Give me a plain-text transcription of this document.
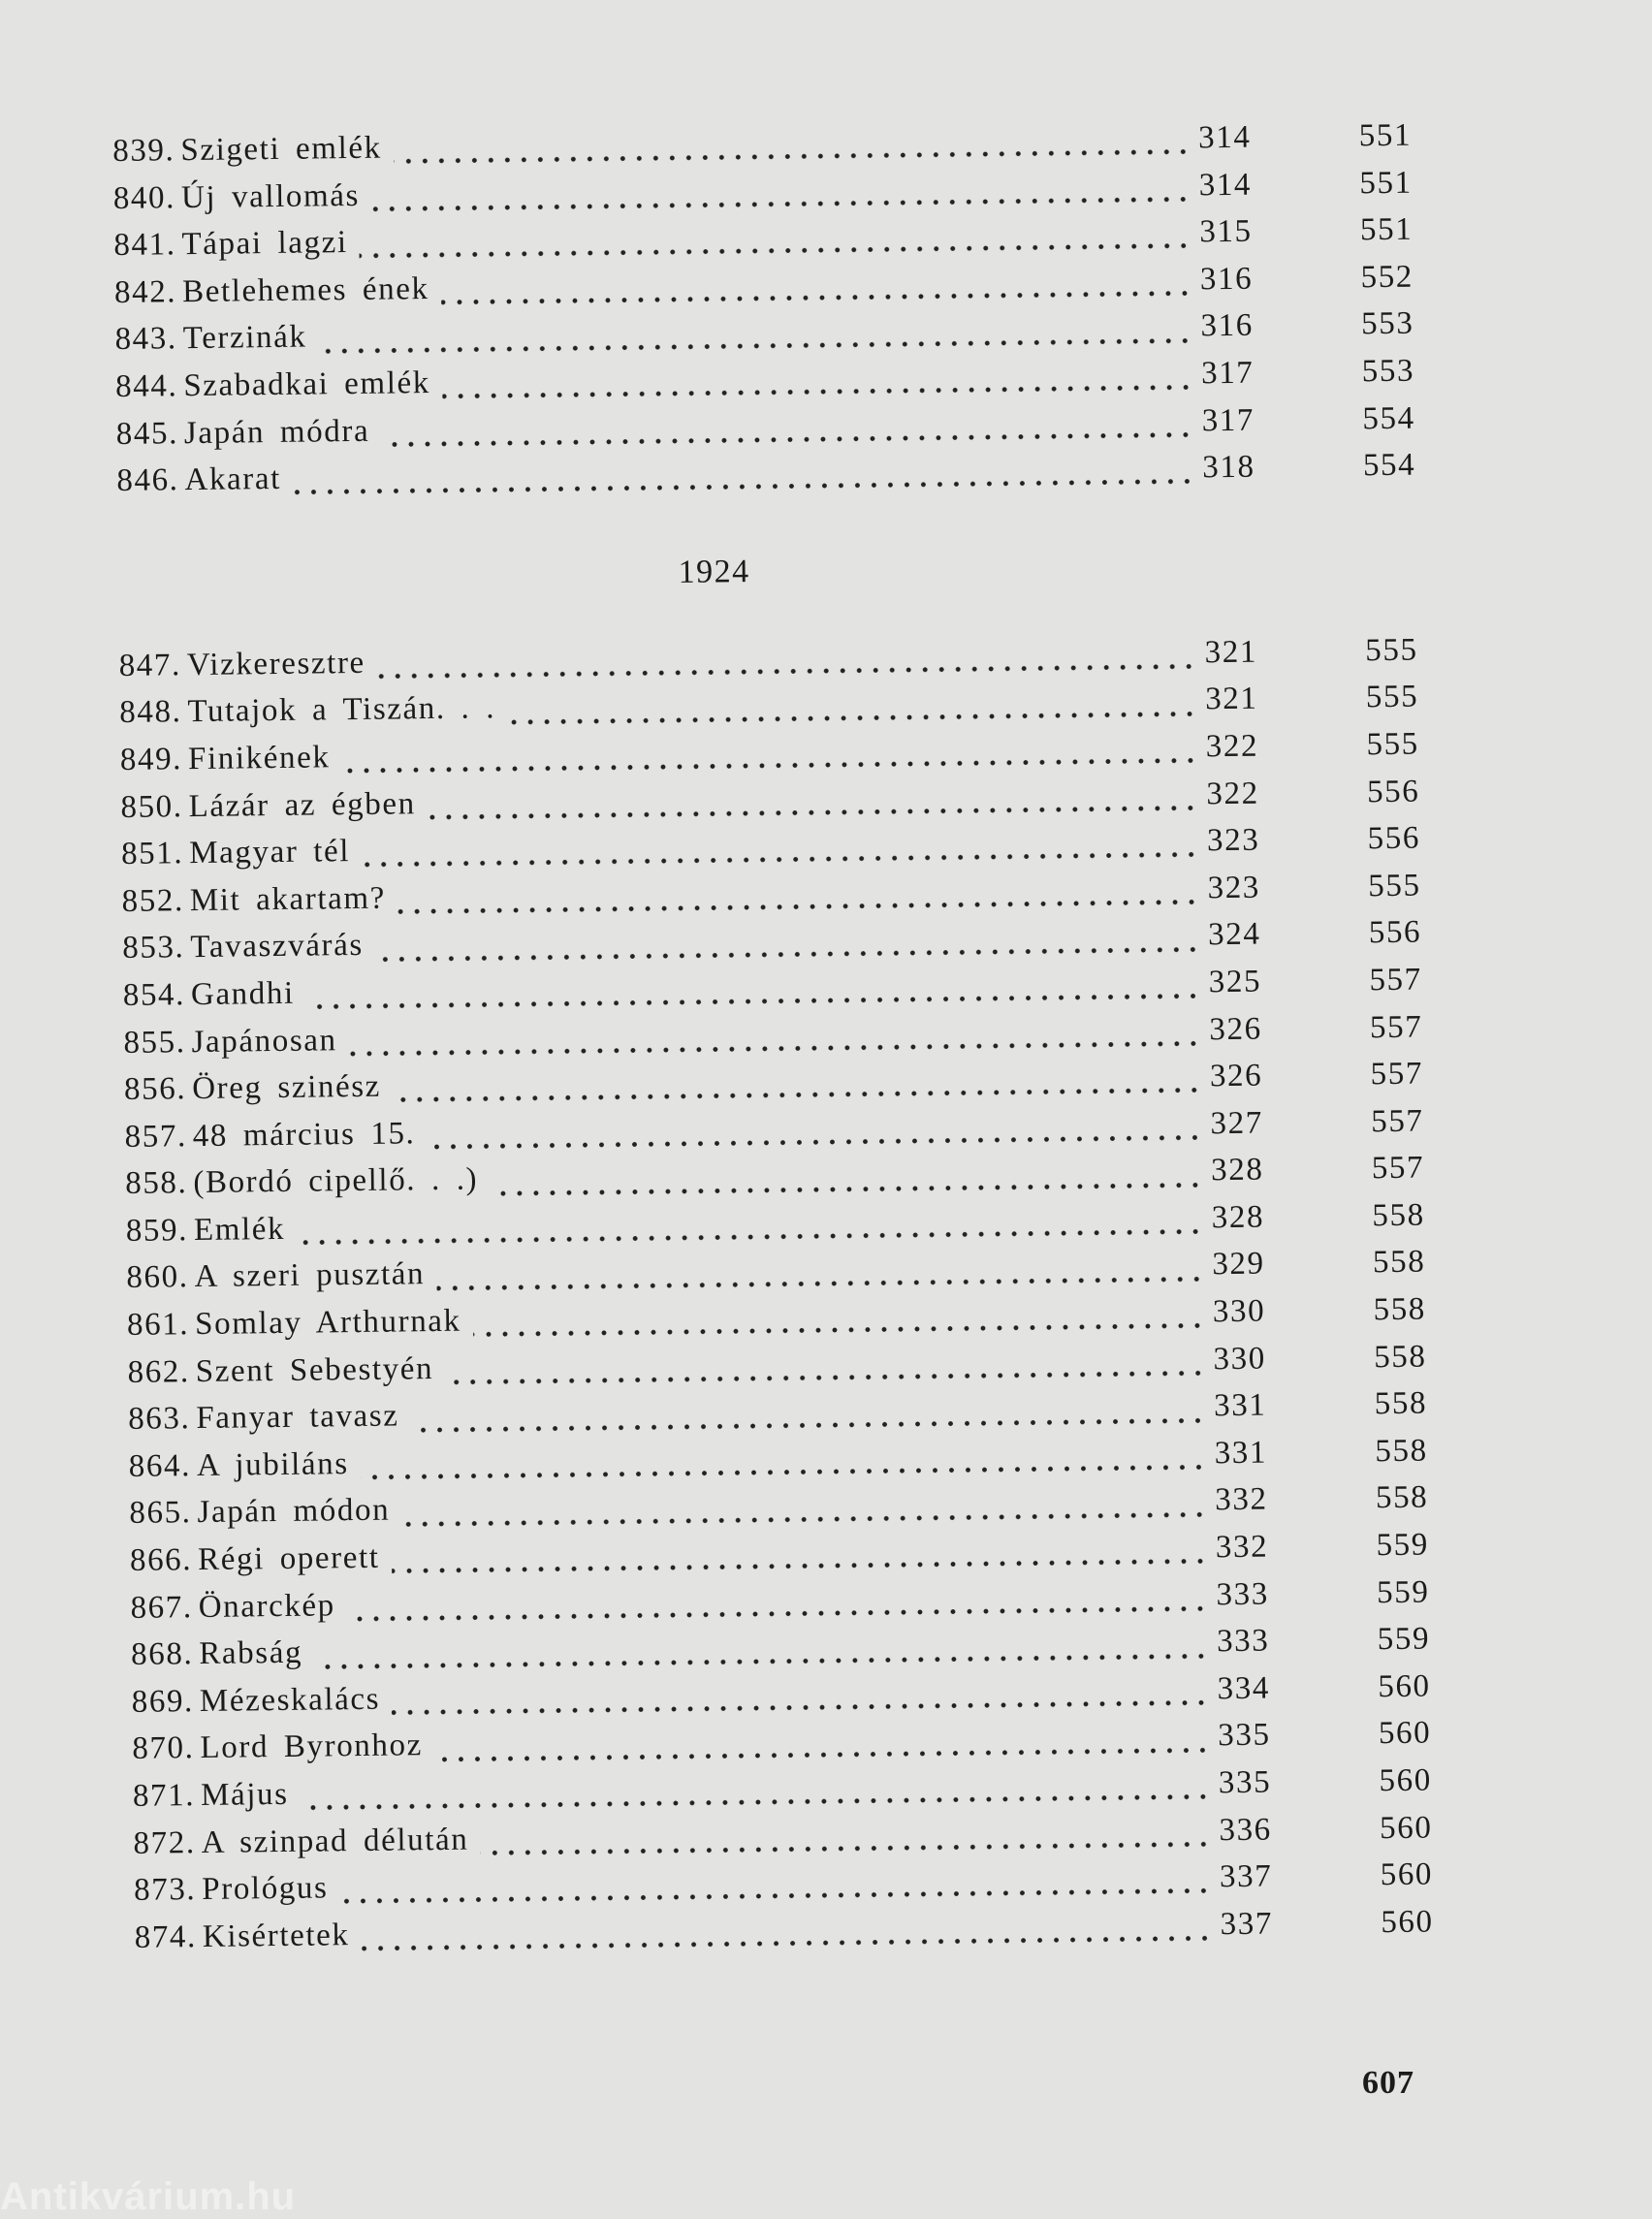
839. Szigeti emlék	314	551
840. Új vallomás	314	551
841. Tápai lagzi	315	551
842. Betlehemes ének	316	552
843. Terzinák	316	553
844. Szabadkai emlék	317	553
845. Japán módra	317	554
846. Akarat	318	554
1924
847. Vizkeresztre	321	555
848. Tutajok a Tiszán. . .	321	555
849. Finikének	322	555
850. Lázár az égben	322	556
851. Magyar tél	323	556
852. Mit akartam?	323	555
853. Tavaszvárás	324	556
854. Gandhi	325	557
855. Japánosan	326	557
856. Öreg szinész	326	557
857. 48 március 15.	327	557
858. (Bordó cipellő. . .)	328	557
859. Emlék	328	558
860. A szeri pusztán	329	558
861. Somlay Arthurnak	330	558
862. Szent Sebestyén	330	558
863. Fanyar tavasz	331	558
864. A jubiláns	331	558
865. Japán módon	332	558
866. Régi operett	332	559
867. Önarckép	333	559
868. Rabság	333	559
869. Mézeskalács	334	560
870. Lord Byronhoz	335	560
871. Május	335	560
872. A szinpad délután	336	560
873. Prológus	337	560
874. Kisértetek	337	560
607
Antikvárium.hu
